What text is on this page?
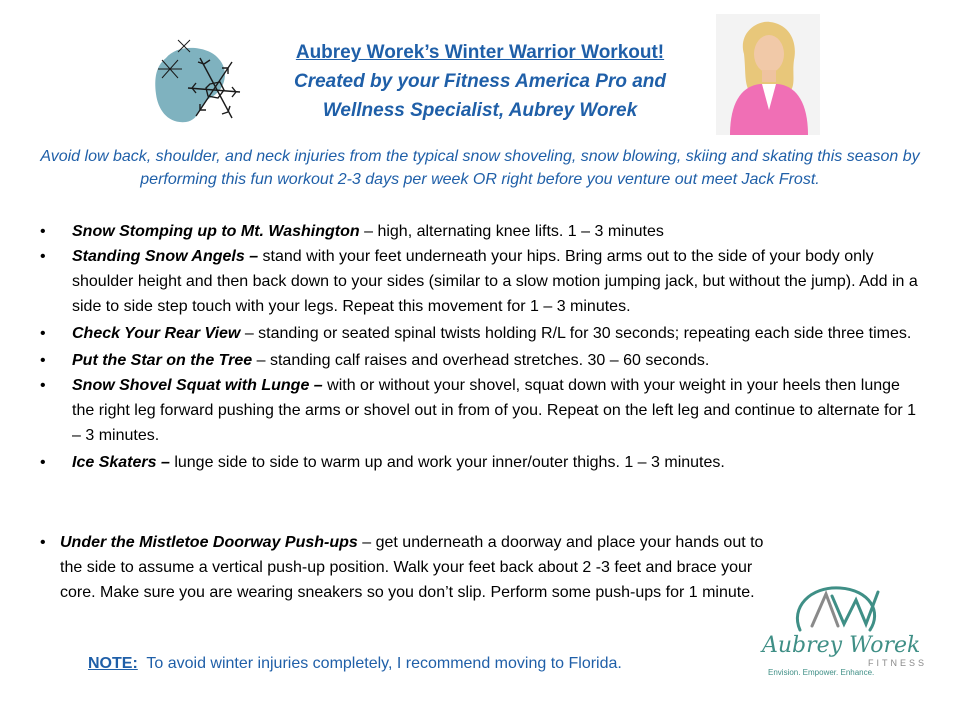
Aubrey Worek’s Winter Warrior Workout!
Created by your Fitness America Pro and
Wellness Specialist, Aubrey Worek
Avoid low back, shoulder, and neck injuries from the typical snow shoveling, snow blowing, skiing and skating this season by performing this fun workout 2-3 days per week OR right before you venture out meet Jack Frost.
• Snow Stomping up to Mt. Washington – high, alternating knee lifts. 1 – 3 minutes
• Standing Snow Angels – stand with your feet underneath your hips. Bring arms out to the side of your body only shoulder height and then back down to your sides (similar to a slow motion jumping jack, but without the jump). Add in a side to side step touch with your legs. Repeat this movement for 1 – 3 minutes.
• Check Your Rear View – standing or seated spinal twists holding R/L for 30 seconds; repeating each side three times.
• Put the Star on the Tree – standing calf raises and overhead stretches. 30 – 60 seconds.
• Snow Shovel Squat with Lunge – with or without your shovel, squat down with your weight in your heels then lunge the right leg forward pushing the arms or shovel out in from of you. Repeat on the left leg and continue to alternate for 1 – 3 minutes.
• Ice Skaters – lunge side to side to warm up and work your inner/outer thighs. 1 – 3 minutes.
• Under the Mistletoe Doorway Push-ups – get underneath a doorway and place your hands out to the side to assume a vertical push-up position. Walk your feet back about 2 -3 feet and brace your core. Make sure you are wearing sneakers so you don’t slip. Perform some push-ups for 1 minute.
NOTE:  To avoid winter injuries completely, I recommend moving to Florida.
Aubrey Worek
FITNESS
Envision. Empower. Enhance.
